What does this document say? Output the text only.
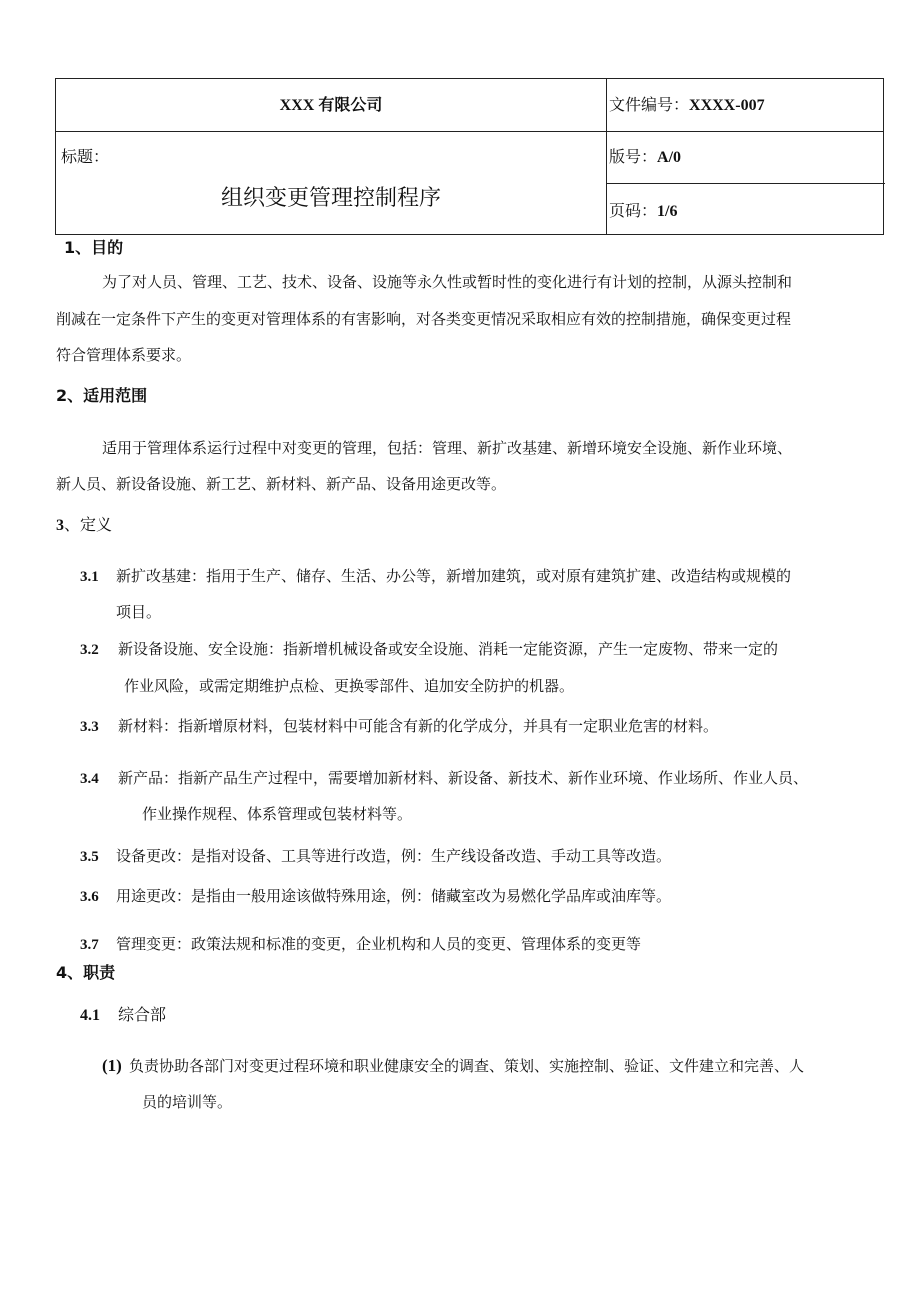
XXX 有限公司	文件编号：XXXX-007
标题：
组织变更管理控制程序
版号：A/0
页码：1/6
1、目的
为了对人员、管理、工艺、技术、设备、设施等永久性或暂时性的变化进行有计划的控制，从源头控制和
削减在一定条件下产生的变更对管理体系的有害影响，对各类变更情况采取相应有效的控制措施，确保变更过程
符合管理体系要求。
2、适用范围
适用于管理体系运行过程中对变更的管理，包括：管理、新扩改基建、新增环境安全设施、新作业环境、
新人员、新设备设施、新工艺、新材料、新产品、设备用途更改等。
3、定义
3.1 新扩改基建：指用于生产、储存、生活、办公等，新增加建筑，或对原有建筑扩建、改造结构或规模的
项目。
3.2 新设备设施、安全设施：指新增机械设备或安全设施、消耗一定能资源，产生一定废物、带来一定的
作业风险，或需定期维护点检、更换零部件、追加安全防护的机器。
3.3 新材料：指新增原材料，包装材料中可能含有新的化学成分，并具有一定职业危害的材料。
3.4 新产品：指新产品生产过程中，需要增加新材料、新设备、新技术、新作业环境、作业场所、作业人员、
作业操作规程、体系管理或包装材料等。
3.5 设备更改：是指对设备、工具等进行改造，例：生产线设备改造、手动工具等改造。
3.6 用途更改：是指由一般用途该做特殊用途，例：储藏室改为易燃化学品库或油库等。
3.7 管理变更：政策法规和标准的变更，企业机构和人员的变更、管理体系的变更等
4、职责
4.1 综合部
(1) 负责协助各部门对变更过程环境和职业健康安全的调查、策划、实施控制、验证、文件建立和完善、人
员的培训等。
